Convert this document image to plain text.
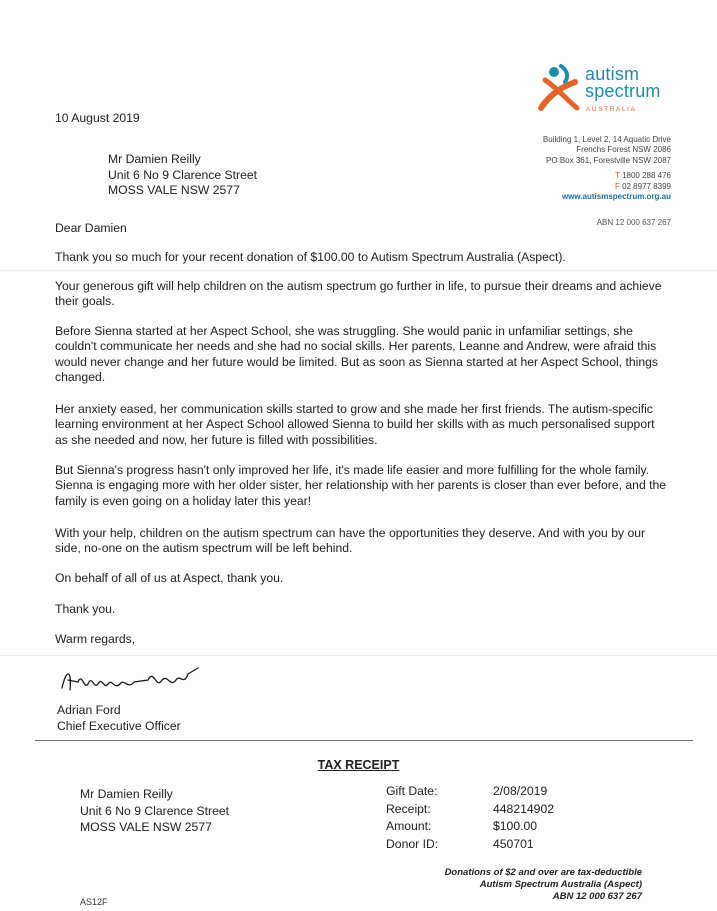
autism
spectrum
AUSTRALIA
Building 1, Level 2, 14 Aquatic Drive
Frenchs Forest NSW 2086
PO Box 361, Forestville NSW 2087
T 1800 288 476
F 02 8977 8399
www.autismspectrum.org.au
ABN 12 000 637 267
10 August 2019
Mr Damien Reilly
Unit 6 No 9 Clarence Street
MOSS VALE NSW 2577
Dear Damien
Thank you so much for your recent donation of $100.00 to Autism Spectrum Australia (Aspect).
Your generous gift will help children on the autism spectrum go further in life, to pursue their dreams and achieve their goals.
Before Sienna started at her Aspect School, she was struggling. She would panic in unfamiliar settings, she couldn't communicate her needs and she had no social skills. Her parents, Leanne and Andrew, were afraid this would never change and her future would be limited. But as soon as Sienna started at her Aspect School, things changed.
Her anxiety eased, her communication skills started to grow and she made her first friends. The autism-specific learning environment at her Aspect School allowed Sienna to build her skills with as much personalised support as she needed and now, her future is filled with possibilities.
But Sienna's progress hasn't only improved her life, it's made life easier and more fulfilling for the whole family. Sienna is engaging more with her older sister, her relationship with her parents is closer than ever before, and the family is even going on a holiday later this year!
With your help, children on the autism spectrum can have the opportunities they deserve. And with you by our side, no-one on the autism spectrum will be left behind.
On behalf of all of us at Aspect, thank you.
Thank you.
Warm regards,
Adrian Ford
Chief Executive Officer
TAX RECEIPT
Mr Damien Reilly
Unit 6 No 9 Clarence Street
MOSS VALE NSW 2577
Gift Date:
Receipt:
Amount:
Donor ID:
2/08/2019
448214902
$100.00
450701
Donations of $2 and over are tax-deductible
Autism Spectrum Australia (Aspect)
ABN 12 000 637 267
AS12F
